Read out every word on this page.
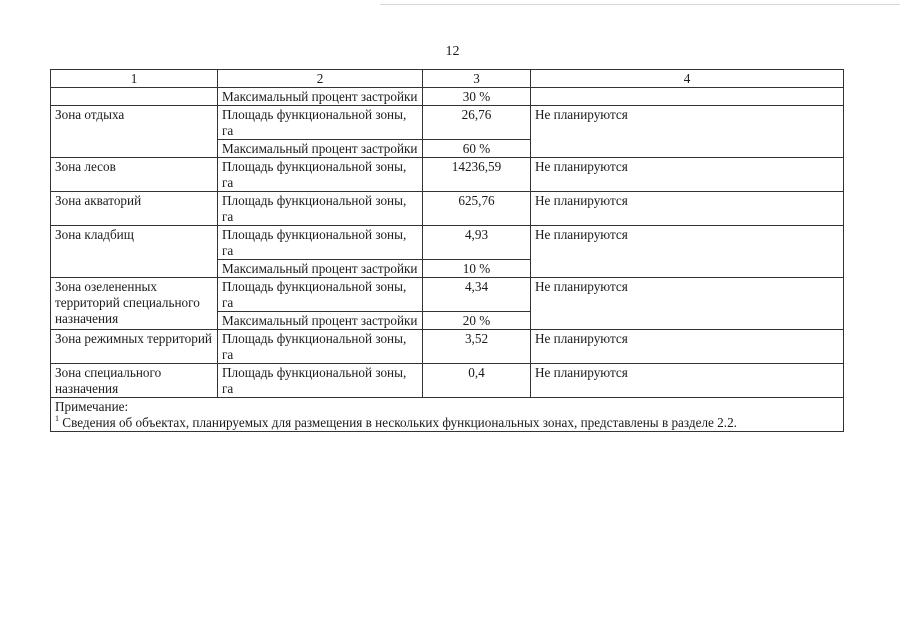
12
1	2	3	4
	Максимальный процент застройки	30 %	
Зона отдыха	Площадь функциональной зоны, га	26,76	Не планируются
	Максимальный процент застройки	60 %	
Зона лесов	Площадь функциональной зоны, га	14236,59	Не планируются
Зона акваторий	Площадь функциональной зоны, га	625,76	Не планируются
Зона кладбищ	Площадь функциональной зоны, га	4,93	Не планируются
	Максимальный процент застройки	10 %	
Зона озелененных территорий специального назначения	Площадь функциональной зоны, га	4,34	Не планируются
	Максимальный процент застройки	20 %	
Зона режимных территорий	Площадь функциональной зоны, га	3,52	Не планируются
Зона специального назначения	Площадь функциональной зоны, га	0,4	Не планируются

Примечание:
$^1$ Сведения об объектах, планируемых для размещения в нескольких функциональных зонах, представлены в разделе 2.2.			
